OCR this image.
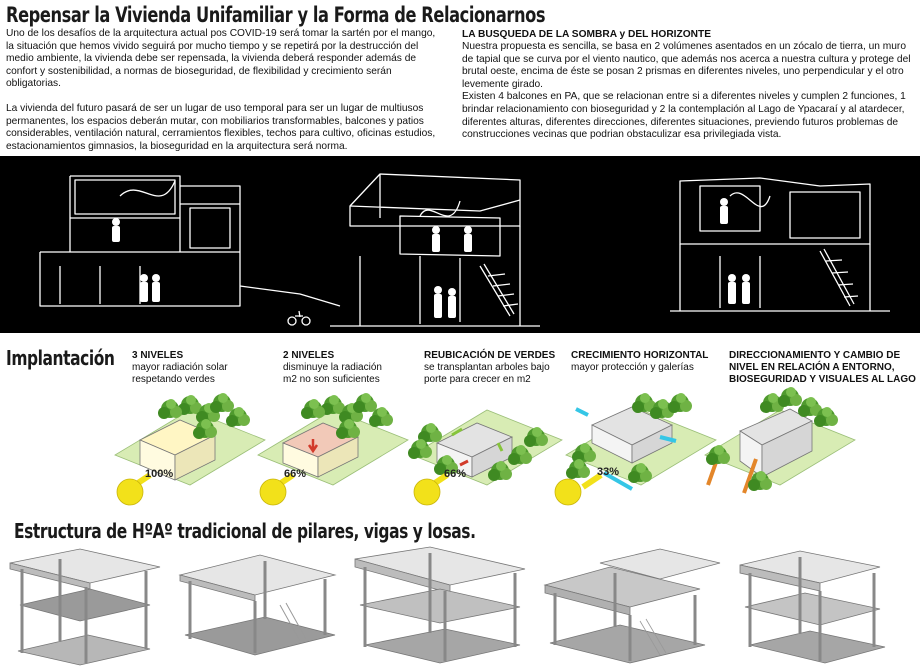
Repensar la Vivienda Unifamiliar y la Forma de Relacionarnos
Uno de los desafíos de la arquitectura actual pos COVID-19 será tomar la sartén por el mango, la situación que hemos vivido seguirá por mucho tiempo y se repetirá por la destrucción del medio ambiente, la vivienda debe ser repensada, la vivienda deberá responder además de confort y sostenibilidad, a normas de bioseguridad, de flexibilidad y crecimiento serán obligatorias.
La vivienda del futuro pasará de ser un lugar de uso temporal para ser un lugar de multiusos permanentes, los espacios deberán mutar, con mobiliarios transformables, balcones y patios considerables, ventilación natural, cerramientos flexibles, techos para cultivo, oficinas estudios, estacionamientos gimnasios, la bioseguridad en la arquitectura será norma.
LA BUSQUEDA DE LA SOMBRA y DEL HORIZONTE
Nuestra propuesta es sencilla, se basa en 2 volúmenes asentados en un zócalo de tierra, un muro de tapial que se curva por el viento nautico, que además nos acerca a nuestra cultura y protege del brutal oeste, encima de éste se posan 2 prismas en diferentes niveles, uno perpendicular y el otro levemente girado.
Existen 4 balcones en PA, que se relacionan entre si a diferentes niveles y cumplen 2 funciones, 1 brindar relacionamiento con bioseguridad y 2 la contemplación al Lago de Ypacaraí y al atardecer, diferentes alturas, diferentes direcciones, diferentes situaciones, previendo futuros problemas de construcciones vecinas que podrian obstaculizar esa privilegiada vista.
Implantación 3 NIVELES
mayor radiación solar respetando verdes
2 NIVELES
disminuye la radiación m2 no son suficientes
REUBICACIÓN DE VERDES
se transplantan arboles bajo porte para crecer en m2
CRECIMIENTO HORIZONTAL
mayor protección y galerías
DIRECCIONAMIENTO Y CAMBIO DE NIVEL EN RELACIÓN A ENTORNO, BIOSEGURIDAD Y VISUALES AL LAGO
100%	66%	66%	33%
Estructura de HºAº tradicional de pilares, vigas y losas.
